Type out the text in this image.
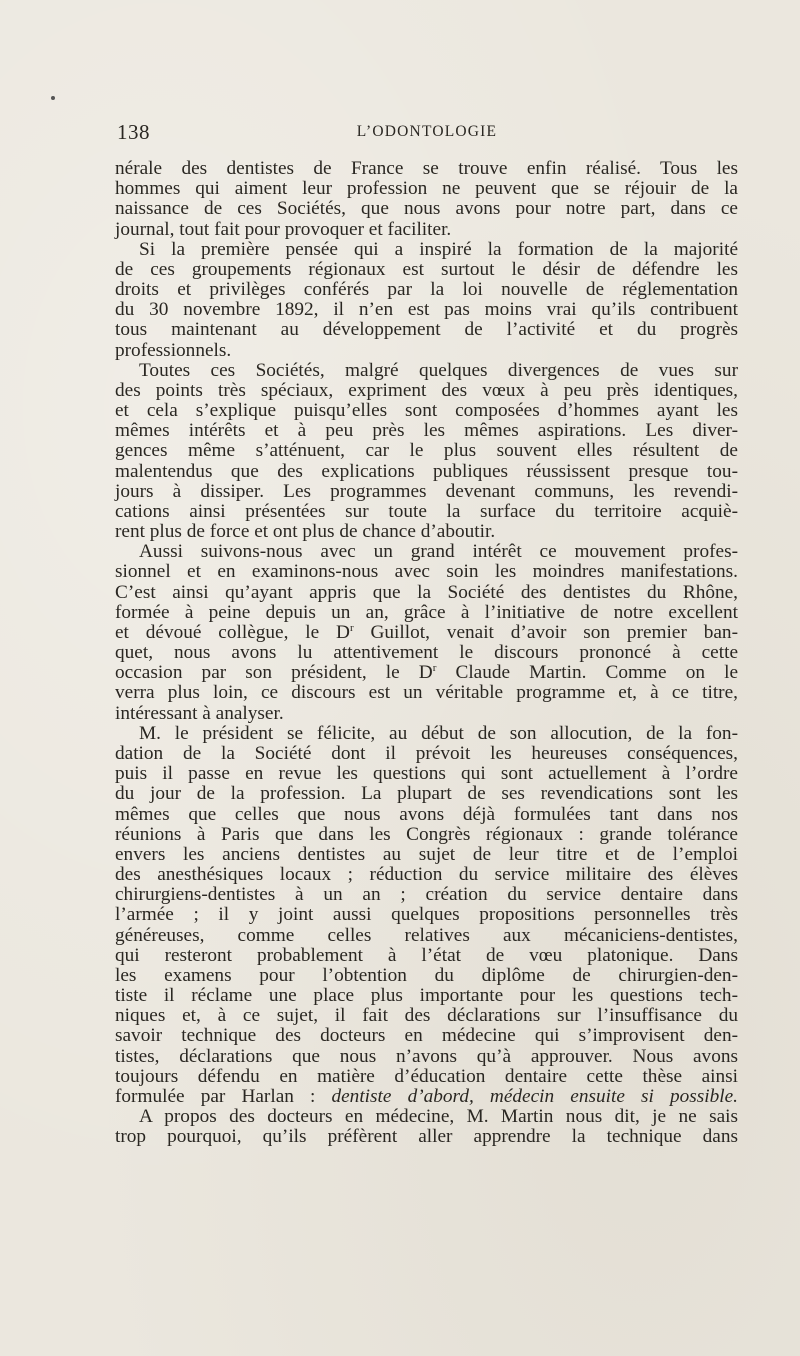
138	L’ODONTOLOGIE
nérale des dentistes de France se trouve enfin réalisé. Tous les
hommes qui aiment leur profession ne peuvent que se réjouir de la
naissance de ces Sociétés, que nous avons pour notre part, dans ce
journal, tout fait pour provoquer et faciliter.
Si la première pensée qui a inspiré la formation de la majorité
de ces groupements régionaux est surtout le désir de défendre les
droits et privilèges conférés par la loi nouvelle de réglementation
du 30 novembre 1892, il n’en est pas moins vrai qu’ils contribuent
tous maintenant au développement de l’activité et du progrès
professionnels.
Toutes ces Sociétés, malgré quelques divergences de vues sur
des points très spéciaux, expriment des vœux à peu près identiques,
et cela s’explique puisqu’elles sont composées d’hommes ayant les
mêmes intérêts et à peu près les mêmes aspirations. Les diver-
gences même s’atténuent, car le plus souvent elles résultent de
malentendus que des explications publiques réussissent presque tou-
jours à dissiper. Les programmes devenant communs, les revendi-
cations ainsi présentées sur toute la surface du territoire acquiè-
rent plus de force et ont plus de chance d’aboutir.
Aussi suivons-nous avec un grand intérêt ce mouvement profes-
sionnel et en examinons-nous avec soin les moindres manifestations.
C’est ainsi qu’ayant appris que la Société des dentistes du Rhône,
formée à peine depuis un an, grâce à l’initiative de notre excellent
et dévoué collègue, le $D^r$ Guillot, venait d’avoir son premier ban-
quet, nous avons lu attentivement le discours prononcé à cette
occasion par son président, le $D^r$ Claude Martin. Comme on le
verra plus loin, ce discours est un véritable programme et, à ce titre,
intéressant à analyser.
M. le président se félicite, au début de son allocution, de la fon-
dation de la Société dont il prévoit les heureuses conséquences,
puis il passe en revue les questions qui sont actuellement à l’ordre
du jour de la profession. La plupart de ses revendications sont les
mêmes que celles que nous avons déjà formulées tant dans nos
réunions à Paris que dans les Congrès régionaux : grande tolérance
envers les anciens dentistes au sujet de leur titre et de l’emploi
des anesthésiques locaux ; réduction du service militaire des élèves
chirurgiens-dentistes à un an ; création du service dentaire dans
l’armée ; il y joint aussi quelques propositions personnelles très
généreuses, comme celles relatives aux mécaniciens-dentistes,
qui resteront probablement à l’état de vœu platonique. Dans
les examens pour l’obtention du diplôme de chirurgien-den-
tiste il réclame une place plus importante pour les questions tech-
niques et, à ce sujet, il fait des déclarations sur l’insuffisance du
savoir technique des docteurs en médecine qui s’improvisent den-
tistes, déclarations que nous n’avons qu’à approuver. Nous avons
toujours défendu en matière d’éducation dentaire cette thèse ainsi
formulée par Harlan : dentiste d’abord, médecin ensuite si possible.
A propos des docteurs en médecine, M. Martin nous dit, je ne sais
trop pourquoi, qu’ils préfèrent aller apprendre la technique dans
